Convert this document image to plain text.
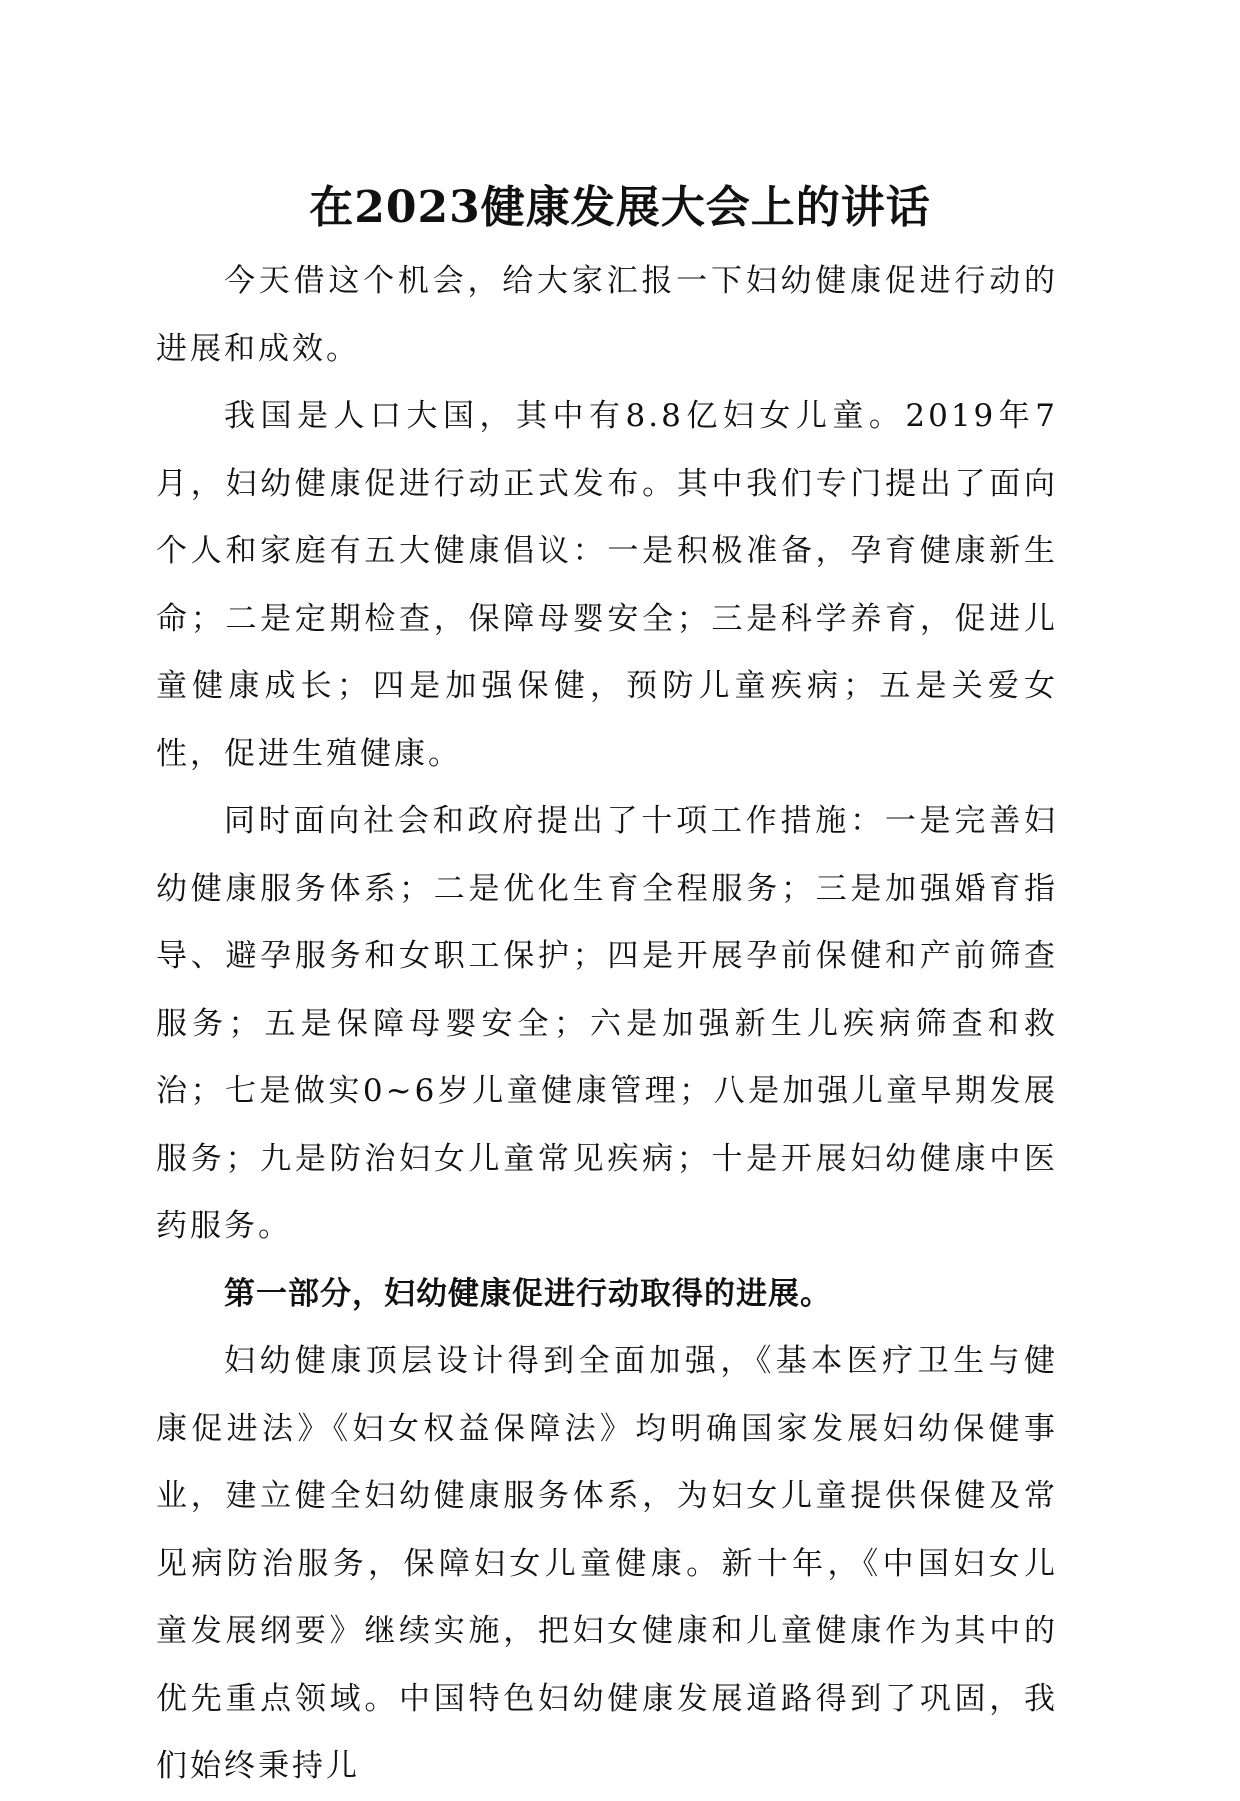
在2023健康发展大会上的讲话

今天借这个机会，给大家汇报一下妇幼健康促进行动的进展和成效。

我国是人口大国，其中有8.8亿妇女儿童。2019年7月，妇幼健康促进行动正式发布。其中我们专门提出了面向个人和家庭有五大健康倡议：一是积极准备，孕育健康新生命；二是定期检查，保障母婴安全；三是科学养育，促进儿童健康成长；四是加强保健，预防儿童疾病；五是关爱女性，促进生殖健康。

同时面向社会和政府提出了十项工作措施：一是完善妇幼健康服务体系；二是优化生育全程服务；三是加强婚育指导、避孕服务和女职工保护；四是开展孕前保健和产前筛查服务；五是保障母婴安全；六是加强新生儿疾病筛查和救治；七是做实0~6岁儿童健康管理；八是加强儿童早期发展服务；九是防治妇女儿童常见疾病；十是开展妇幼健康中医药服务。

第一部分，妇幼健康促进行动取得的进展。

妇幼健康顶层设计得到全面加强，《基本医疗卫生与健康促进法》《妇女权益保障法》均明确国家发展妇幼保健事业，建立健全妇幼健康服务体系，为妇女儿童提供保健及常见病防治服务，保障妇女儿童健康。新十年，《中国妇女儿童发展纲要》继续实施，把妇女健康和儿童健康作为其中的优先重点领域。中国特色妇幼健康发展道路得到了巩固，我们始终秉持儿
